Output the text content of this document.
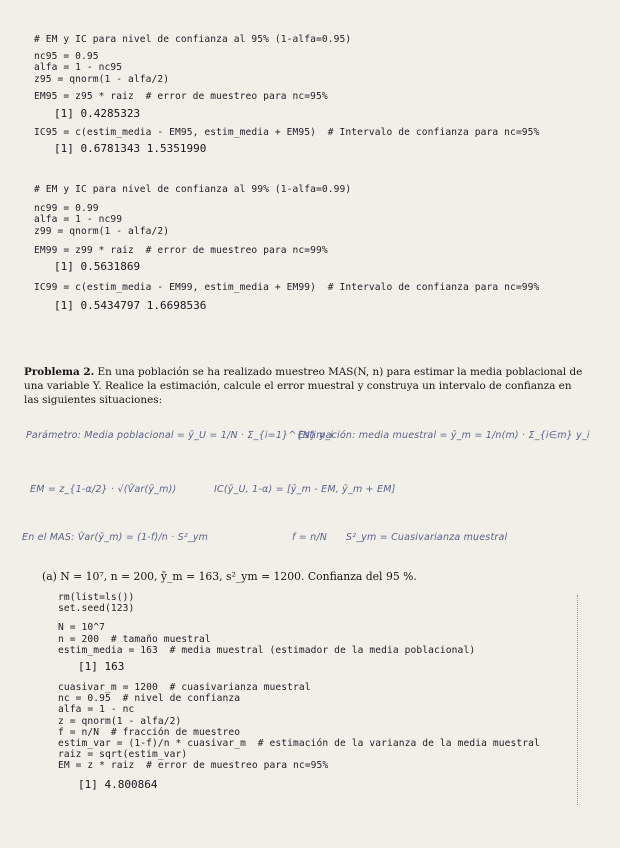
# EM y IC para nivel de confianza al 95% (1-alfa=0.95)
nc95 = 0.95
alfa = 1 - nc95
z95 = qnorm(1 - alfa/2)
EM95 = z95 * raiz  # error de muestreo para nc=95%
[1] 0.4285323
IC95 = c(estim_media - EM95, estim_media + EM95)  # Intervalo de confianza para nc=95%
[1] 0.6781343 1.5351990
# EM y IC para nivel de confianza al 99% (1-alfa=0.99)
nc99 = 0.99
alfa = 1 - nc99
z99 = qnorm(1 - alfa/2)
EM99 = z99 * raiz  # error de muestreo para nc=99%
[1] 0.5631869
IC99 = c(estim_media - EM99, estim_media + EM99)  # Intervalo de confianza para nc=99%
[1] 0.5434797 1.6698536
Problema 2. En una población se ha realizado muestreo MAS(N, n) para estimar la media poblacional de una variable Y. Realice la estimación, calcule el error muestral y construya un intervalo de confianza en las siguientes situaciones:
Parámetro: Media poblacional = ȳ_U = 1/N · Σ_{i=1}^{N} y_i
Estimación: media muestral = ȳ_m = 1/n(m) · Σ_{i∈m} y_i
EM = z_{1-α/2} · √(V̂ar(ȳ_m))	IC(ȳ_U, 1-α) = [ȳ_m - EM, ȳ_m + EM]
En el MAS: V̂ar(ȳ_m) = (1-f)/n · S²_ym	f = n/N S²_ym = Cuasivarianza muestral
(a) N = 10⁷, n = 200, ȳ_m = 163, s²_ym = 1200. Confianza del 95 %.
rm(list=ls())
set.seed(123)
N = 10^7
n = 200  # tamaño muestral
estim_media = 163  # media muestral (estimador de la media poblacional)
[1] 163
cuasivar_m = 1200  # cuasivarianza muestral
nc = 0.95  # nivel de confianza
alfa = 1 - nc
z = qnorm(1 - alfa/2)
f = n/N  # fracción de muestreo
estim_var = (1-f)/n * cuasivar_m  # estimación de la varianza de la media muestral
raiz = sqrt(estim_var)
EM = z * raiz  # error de muestreo para nc=95%
[1] 4.800864
